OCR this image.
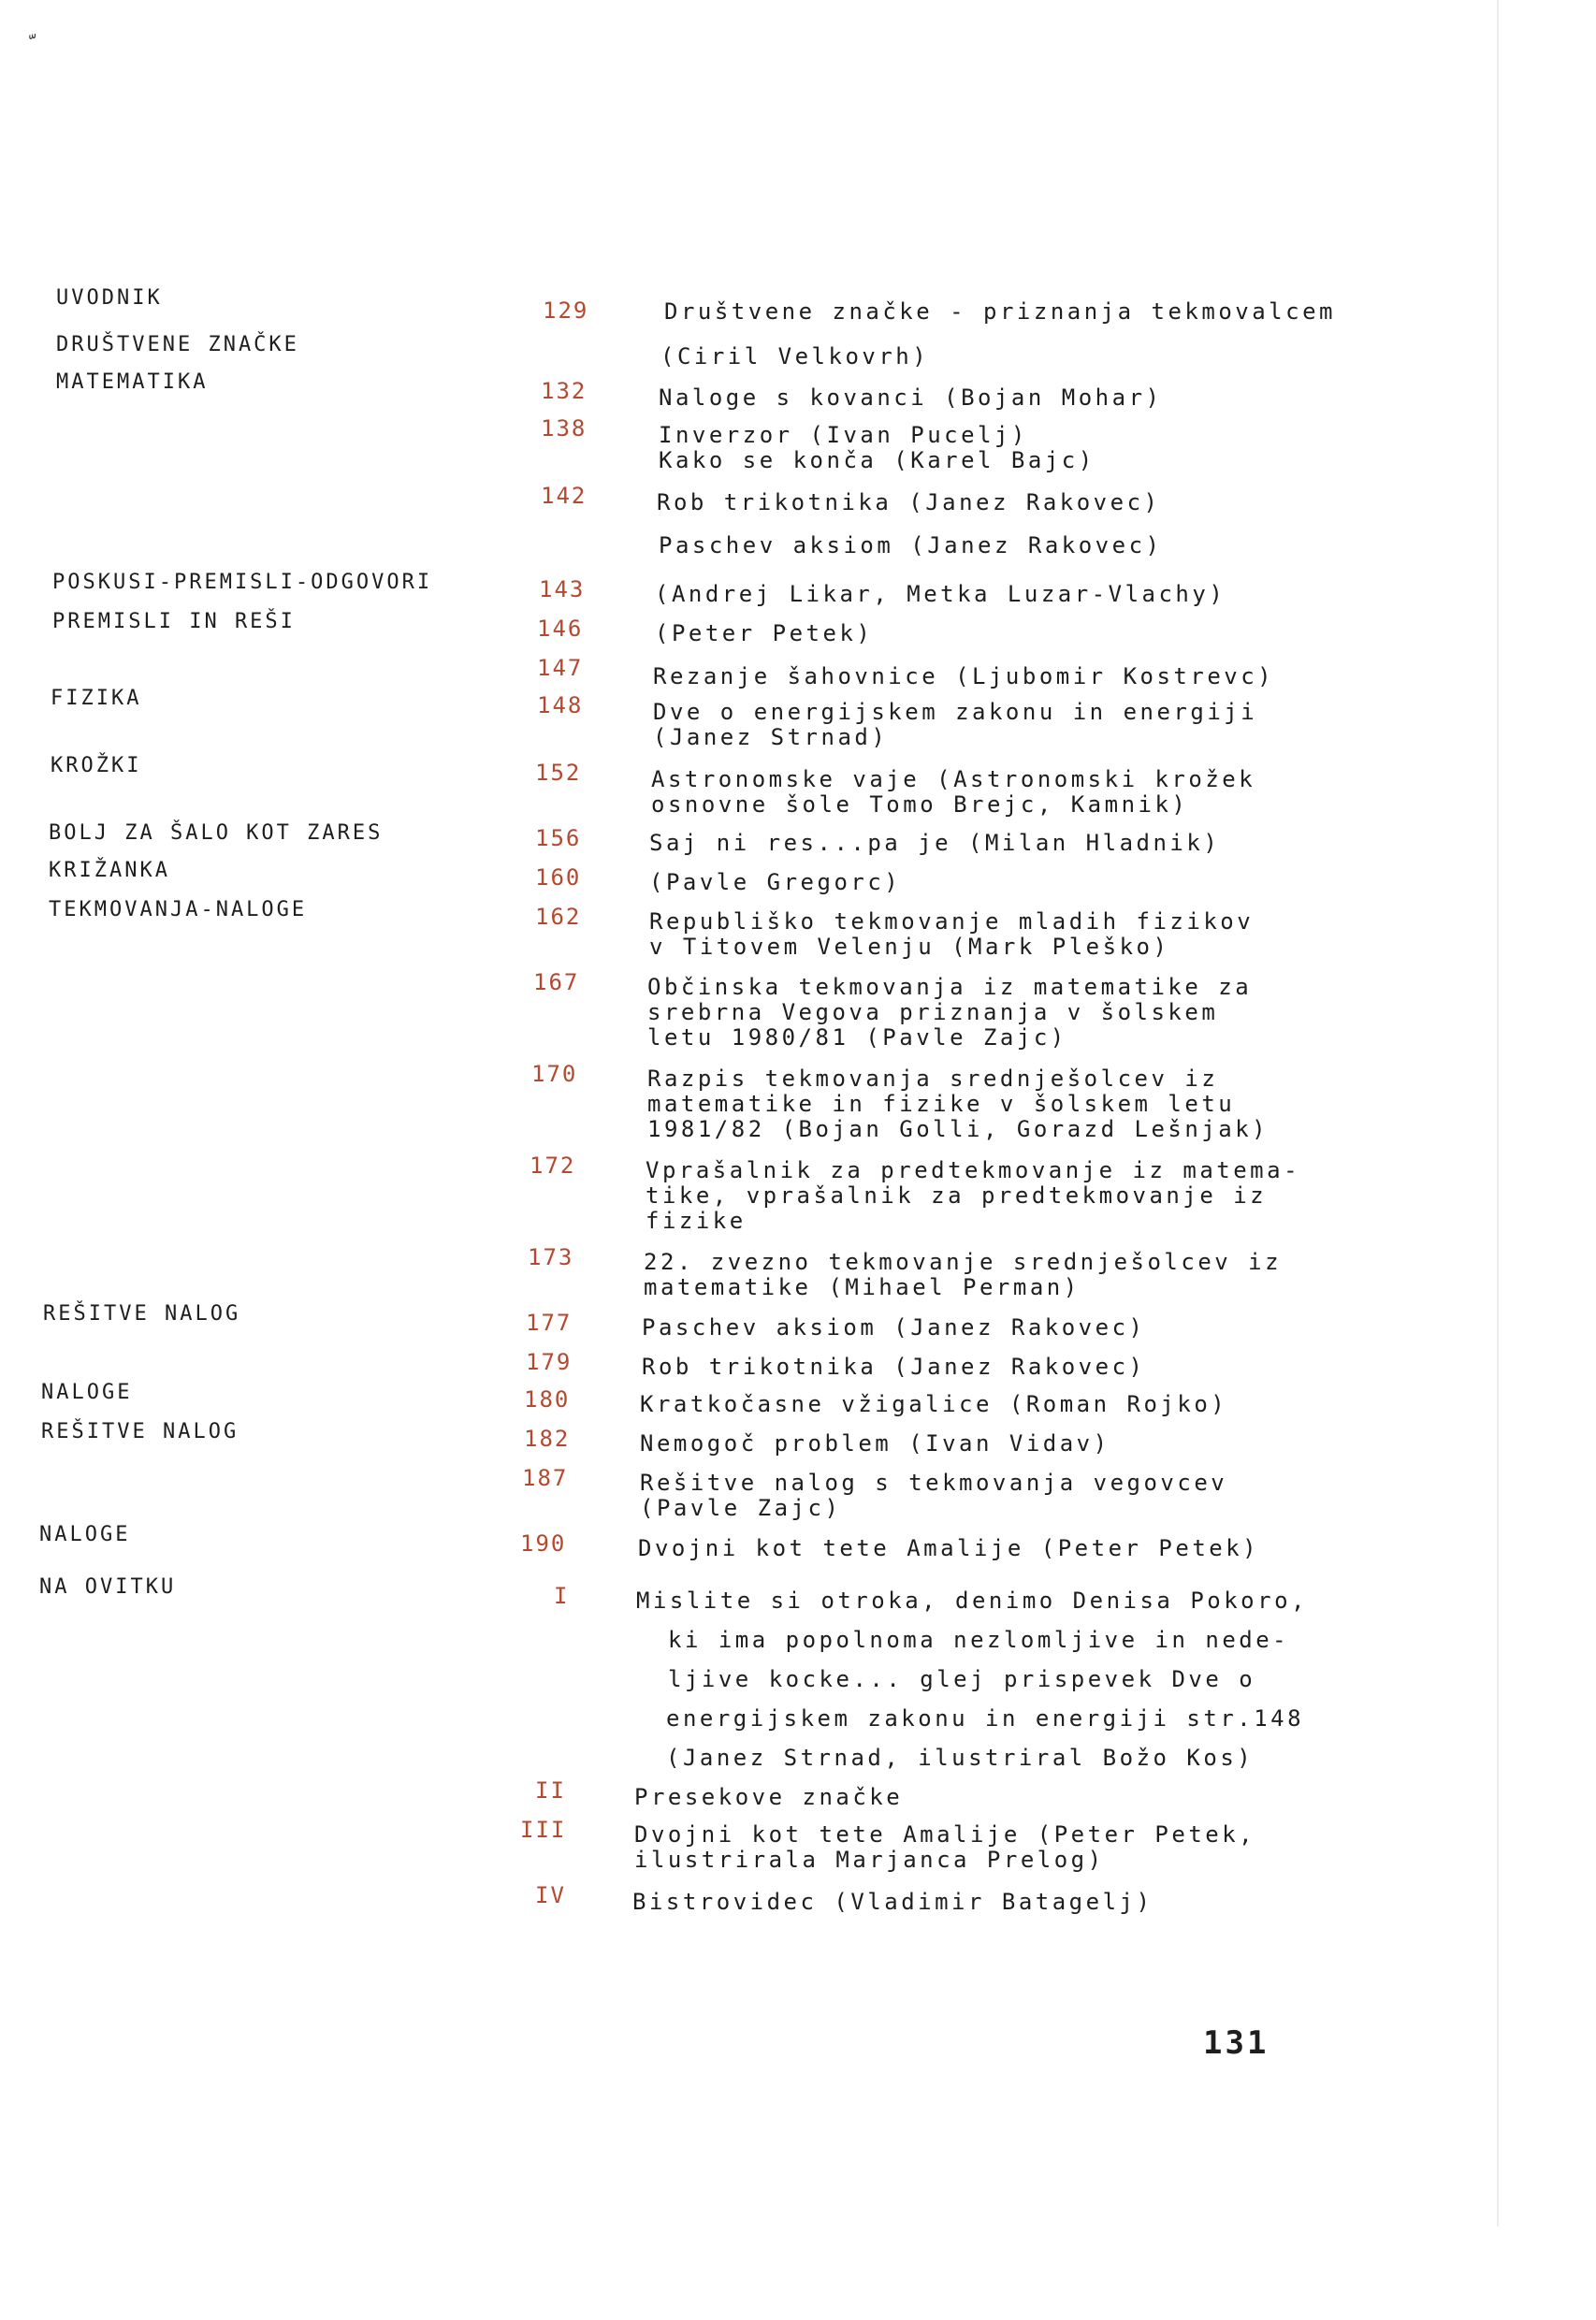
UVODNIK
DRUŠTVENE ZNAČKE
MATEMATIKA
POSKUSI-PREMISLI-ODGOVORI
PREMISLI IN REŠI
FIZIKA
KROŽKI
BOLJ ZA ŠALO KOT ZARES
KRIŽANKA
TEKMOVANJA-NALOGE
REŠITVE NALOG
NALOGE
REŠITVE NALOG
NALOGE
NA OVITKU
129
132
138
142
143
146
147
148
152
156
160
162
167
170
172
173
177
179
180
182
187
190
I
II
III
IV
Društvene značke - priznanja tekmovalcem
(Ciril Velkovrh)
Naloge s kovanci (Bojan Mohar)
Inverzor (Ivan Pucelj)
Kako se konča (Karel Bajc)
Rob trikotnika (Janez Rakovec)
Paschev aksiom (Janez Rakovec)
(Andrej Likar, Metka Luzar-Vlachy)
(Peter Petek)
Rezanje šahovnice (Ljubomir Kostrevc)
Dve o energijskem zakonu in energiji
(Janez Strnad)
Astronomske vaje (Astronomski krožek
osnovne šole Tomo Brejc, Kamnik)
Saj ni res...pa je (Milan Hladnik)
(Pavle Gregorc)
Republiško tekmovanje mladih fizikov
v Titovem Velenju (Mark Pleško)
Občinska tekmovanja iz matematike za
srebrna Vegova priznanja v šolskem
letu 1980/81 (Pavle Zajc)
Razpis tekmovanja srednješolcev iz
matematike in fizike v šolskem letu
1981/82 (Bojan Golli, Gorazd Lešnjak)
Vprašalnik za predtekmovanje iz matema-
tike, vprašalnik za predtekmovanje iz
fizike
22. zvezno tekmovanje srednješolcev iz
matematike (Mihael Perman)
Paschev aksiom (Janez Rakovec)
Rob trikotnika (Janez Rakovec)
Kratkočasne vžigalice (Roman Rojko)
Nemogoč problem (Ivan Vidav)
Rešitve nalog s tekmovanja vegovcev
(Pavle Zajc)
Dvojni kot tete Amalije (Peter Petek)
Mislite si otroka, denimo Denisa Pokoro,
ki ima popolnoma nezlomljive in nede-
ljive kocke... glej prispevek Dve o
energijskem zakonu in energiji str.148
(Janez Strnad, ilustriral Božo Kos)
Presekove značke
Dvojni kot tete Amalije (Peter Petek,
ilustrirala Marjanca Prelog)
Bistrovidec (Vladimir Batagelj)
131
